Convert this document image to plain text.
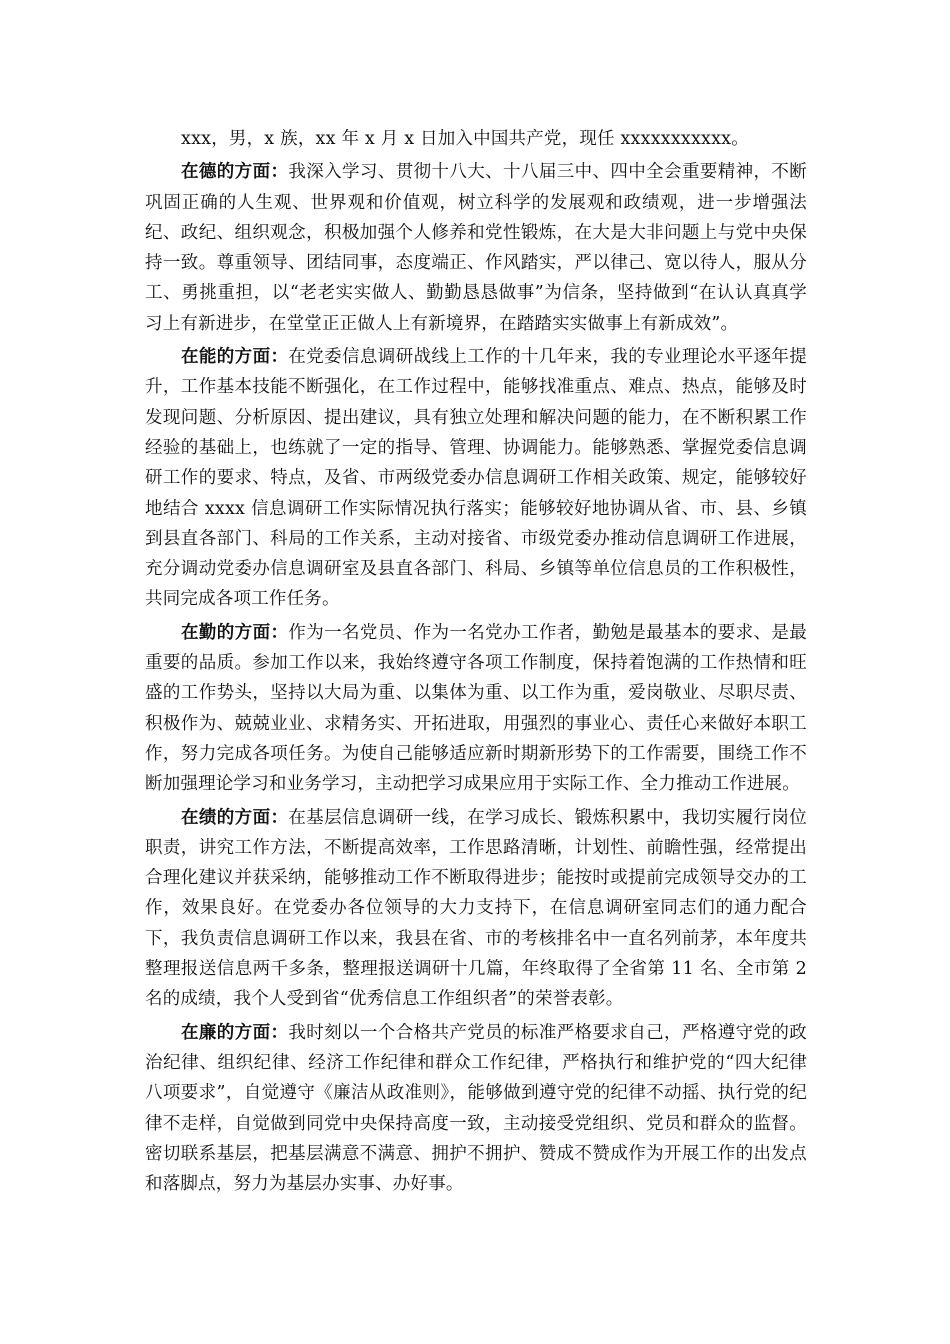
xxx，男，x 族，xx 年 x 月 x 日加入中国共产党，现任 xxxxxxxxxxx。

在德的方面：我深入学习、贯彻十八大、十八届三中、四中全会重要精神，不断巩固正确的人生观、世界观和价值观，树立科学的发展观和政绩观，进一步增强法纪、政纪、组织观念，积极加强个人修养和党性锻炼，在大是大非问题上与党中央保持一致。尊重领导、团结同事，态度端正、作风踏实，严以律己、宽以待人，服从分工、勇挑重担，以“老老实实做人、勤勤恳恳做事”为信条，坚持做到“在认认真真学习上有新进步，在堂堂正正做人上有新境界，在踏踏实实做事上有新成效”。

在能的方面：在党委信息调研战线上工作的十几年来，我的专业理论水平逐年提升，工作基本技能不断强化，在工作过程中，能够找准重点、难点、热点，能够及时发现问题、分析原因、提出建议，具有独立处理和解决问题的能力，在不断积累工作经验的基础上，也练就了一定的指导、管理、协调能力。能够熟悉、掌握党委信息调研工作的要求、特点，及省、市两级党委办信息调研工作相关政策、规定，能够较好地结合 xxxx 信息调研工作实际情况执行落实；能够较好地协调从省、市、县、乡镇到县直各部门、科局的工作关系，主动对接省、市级党委办推动信息调研工作进展，充分调动党委办信息调研室及县直各部门、科局、乡镇等单位信息员的工作积极性，共同完成各项工作任务。

在勤的方面：作为一名党员、作为一名党办工作者，勤勉是最基本的要求、是最重要的品质。参加工作以来，我始终遵守各项工作制度，保持着饱满的工作热情和旺盛的工作势头，坚持以大局为重、以集体为重、以工作为重，爱岗敬业、尽职尽责、积极作为、兢兢业业、求精务实、开拓进取，用强烈的事业心、责任心来做好本职工作，努力完成各项任务。为使自己能够适应新时期新形势下的工作需要，围绕工作不断加强理论学习和业务学习，主动把学习成果应用于实际工作、全力推动工作进展。

在绩的方面：在基层信息调研一线，在学习成长、锻炼积累中，我切实履行岗位职责，讲究工作方法，不断提高效率，工作思路清晰，计划性、前瞻性强，经常提出合理化建议并获采纳，能够推动工作不断取得进步；能按时或提前完成领导交办的工作，效果良好。在党委办各位领导的大力支持下，在信息调研室同志们的通力配合下，我负责信息调研工作以来，我县在省、市的考核排名中一直名列前茅，本年度共整理报送信息两千多条，整理报送调研十几篇，年终取得了全省第 11 名、全市第 2 名的成绩，我个人受到省“优秀信息工作组织者”的荣誉表彰。

在廉的方面：我时刻以一个合格共产党员的标准严格要求自己，严格遵守党的政治纪律、组织纪律、经济工作纪律和群众工作纪律，严格执行和维护党的“四大纪律八项要求”，自觉遵守《廉洁从政准则》，能够做到遵守党的纪律不动摇、执行党的纪律不走样，自觉做到同党中央保持高度一致，主动接受党组织、党员和群众的监督。密切联系基层，把基层满意不满意、拥护不拥护、赞成不赞成作为开展工作的出发点和落脚点，努力为基层办实事、办好事。
